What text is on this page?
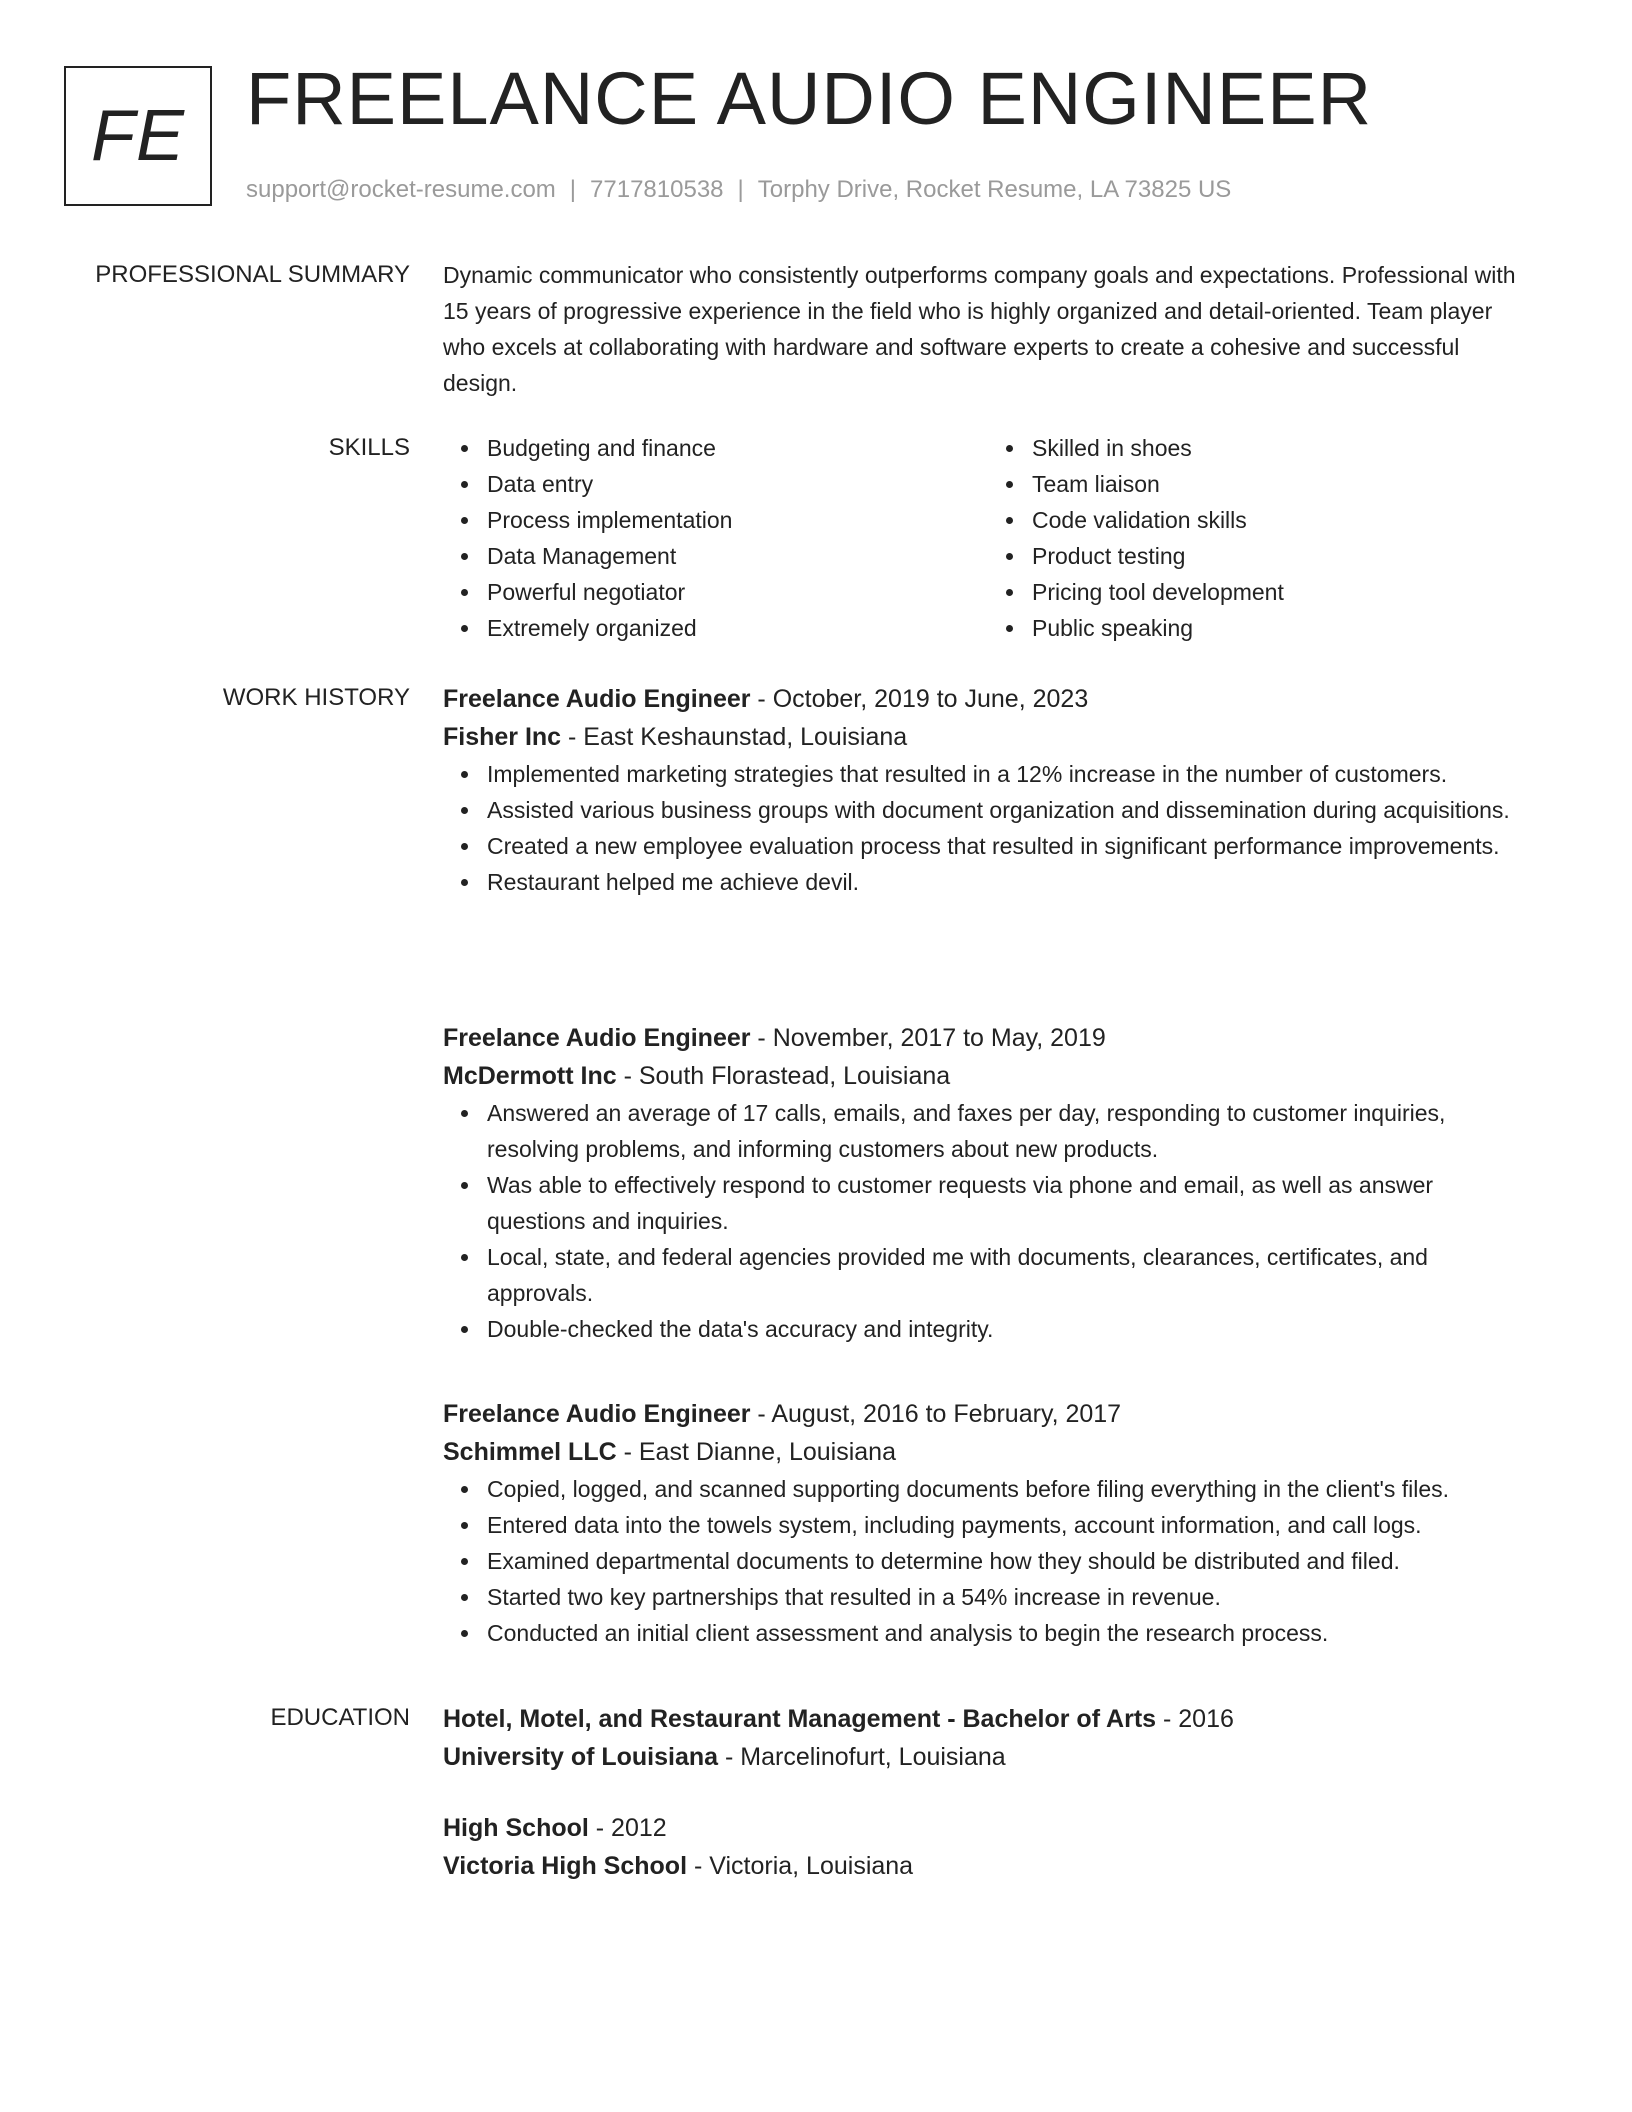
FE FREELANCE AUDIO ENGINEER
support@rocket-resume.com | 7717810538 | Torphy Drive, Rocket Resume, LA 73825 US
PROFESSIONAL SUMMARY Dynamic communicator who consistently outperforms company goals and expectations. Professional with 15 years of progressive experience in the field who is highly organized and detail-oriented. Team player who excels at collaborating with hardware and software experts to create a cohesive and successful design.

SKILLS	Budgeting and finance
Data entry
Process implementation
Data Management
Powerful negotiator
Extremely organized
Skilled in shoes
Team liaison
Code validation skills
Product testing
Pricing tool development
Public speaking
WORK HISTORY Freelance Audio Engineer - October, 2019 to June, 2023
Fisher Inc - East Keshaunstad, Louisiana
Implemented marketing strategies that resulted in a 12% increase in the number of customers.
Assisted various business groups with document organization and dissemination during acquisitions.
Created a new employee evaluation process that resulted in significant performance improvements.
Restaurant helped me achieve devil.
Freelance Audio Engineer - November, 2017 to May, 2019
McDermott Inc - South Florastead, Louisiana
Answered an average of 17 calls, emails, and faxes per day, responding to customer inquiries, resolving problems, and informing customers about new products.
Was able to effectively respond to customer requests via phone and email, as well as answer questions and inquiries.
Local, state, and federal agencies provided me with documents, clearances, certificates, and approvals.
Double-checked the data's accuracy and integrity.
Freelance Audio Engineer - August, 2016 to February, 2017
Schimmel LLC - East Dianne, Louisiana
Copied, logged, and scanned supporting documents before filing everything in the client's files.
Entered data into the towels system, including payments, account information, and call logs.
Examined departmental documents to determine how they should be distributed and filed.
Started two key partnerships that resulted in a 54% increase in revenue.
Conducted an initial client assessment and analysis to begin the research process.
EDUCATION Hotel, Motel, and Restaurant Management - Bachelor of Arts - 2016
University of Louisiana - Marcelinofurt, Louisiana
High School - 2012
Victoria High School - Victoria, Louisiana
